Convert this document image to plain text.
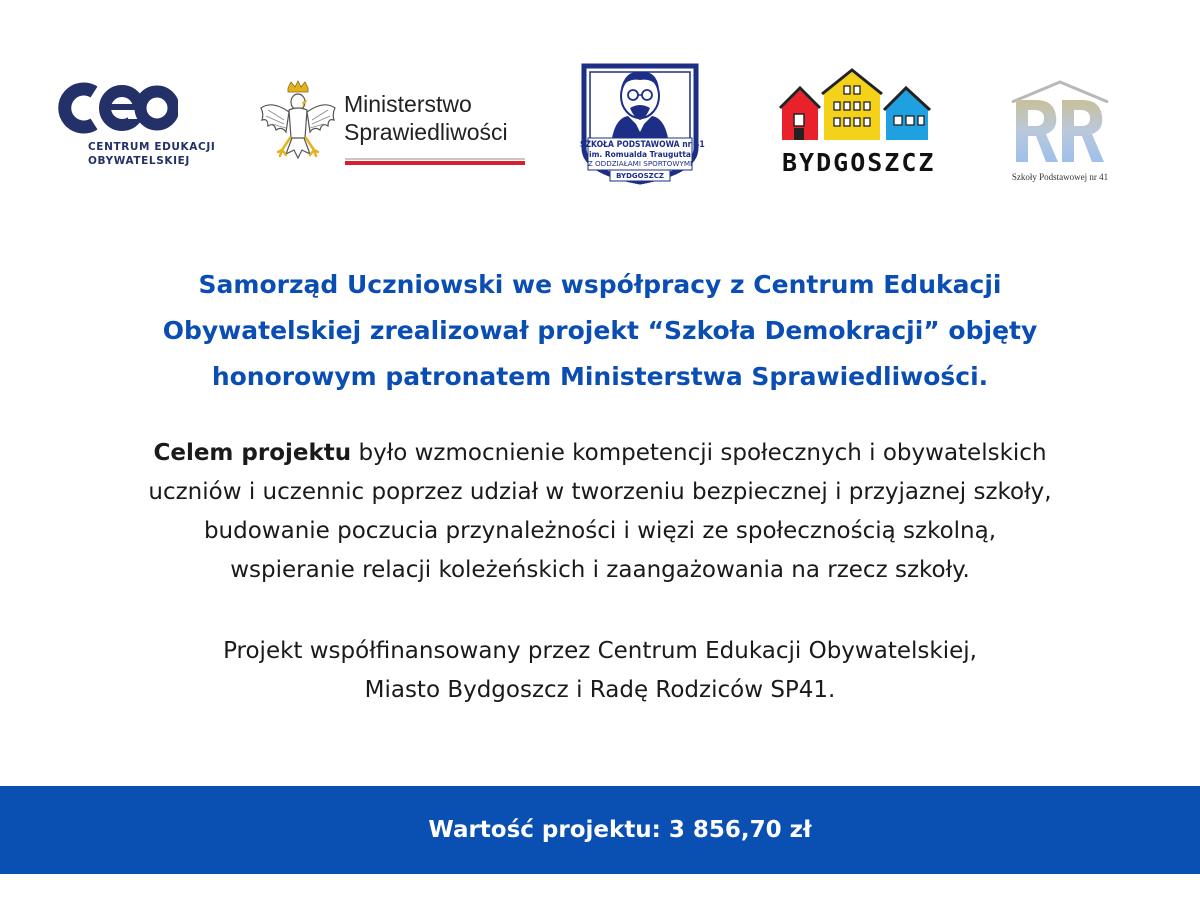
CENTRUM EDUKACJI
OBYWATELSKIEJ
Ministerstwo
Sprawiedliwości	SZKOŁA PODSTAWOWA nr 41
im. Romualda Traugutta
Z ODDZIAŁAMI SPORTOWYMI
BYDGOSZCZ	BYDGOSZCZ	Szkoły Podstawowej nr 41
Samorząd Uczniowski we współpracy z Centrum Edukacji
Obywatelskiej zrealizował projekt “Szkoła Demokracji” objęty
honorowym patronatem Ministerstwa Sprawiedliwości.
Celem projektu było wzmocnienie kompetencji społecznych i obywatelskich
uczniów i uczennic poprzez udział w tworzeniu bezpiecznej i przyjaznej szkoły,
budowanie poczucia przynależności i więzi ze społecznością szkolną,
wspieranie relacji koleżeńskich i zaangażowania na rzecz szkoły.
Projekt współfinansowany przez Centrum Edukacji Obywatelskiej,
Miasto Bydgoszcz i Radę Rodziców SP41.
Wartość projektu: 3 856,70 zł
